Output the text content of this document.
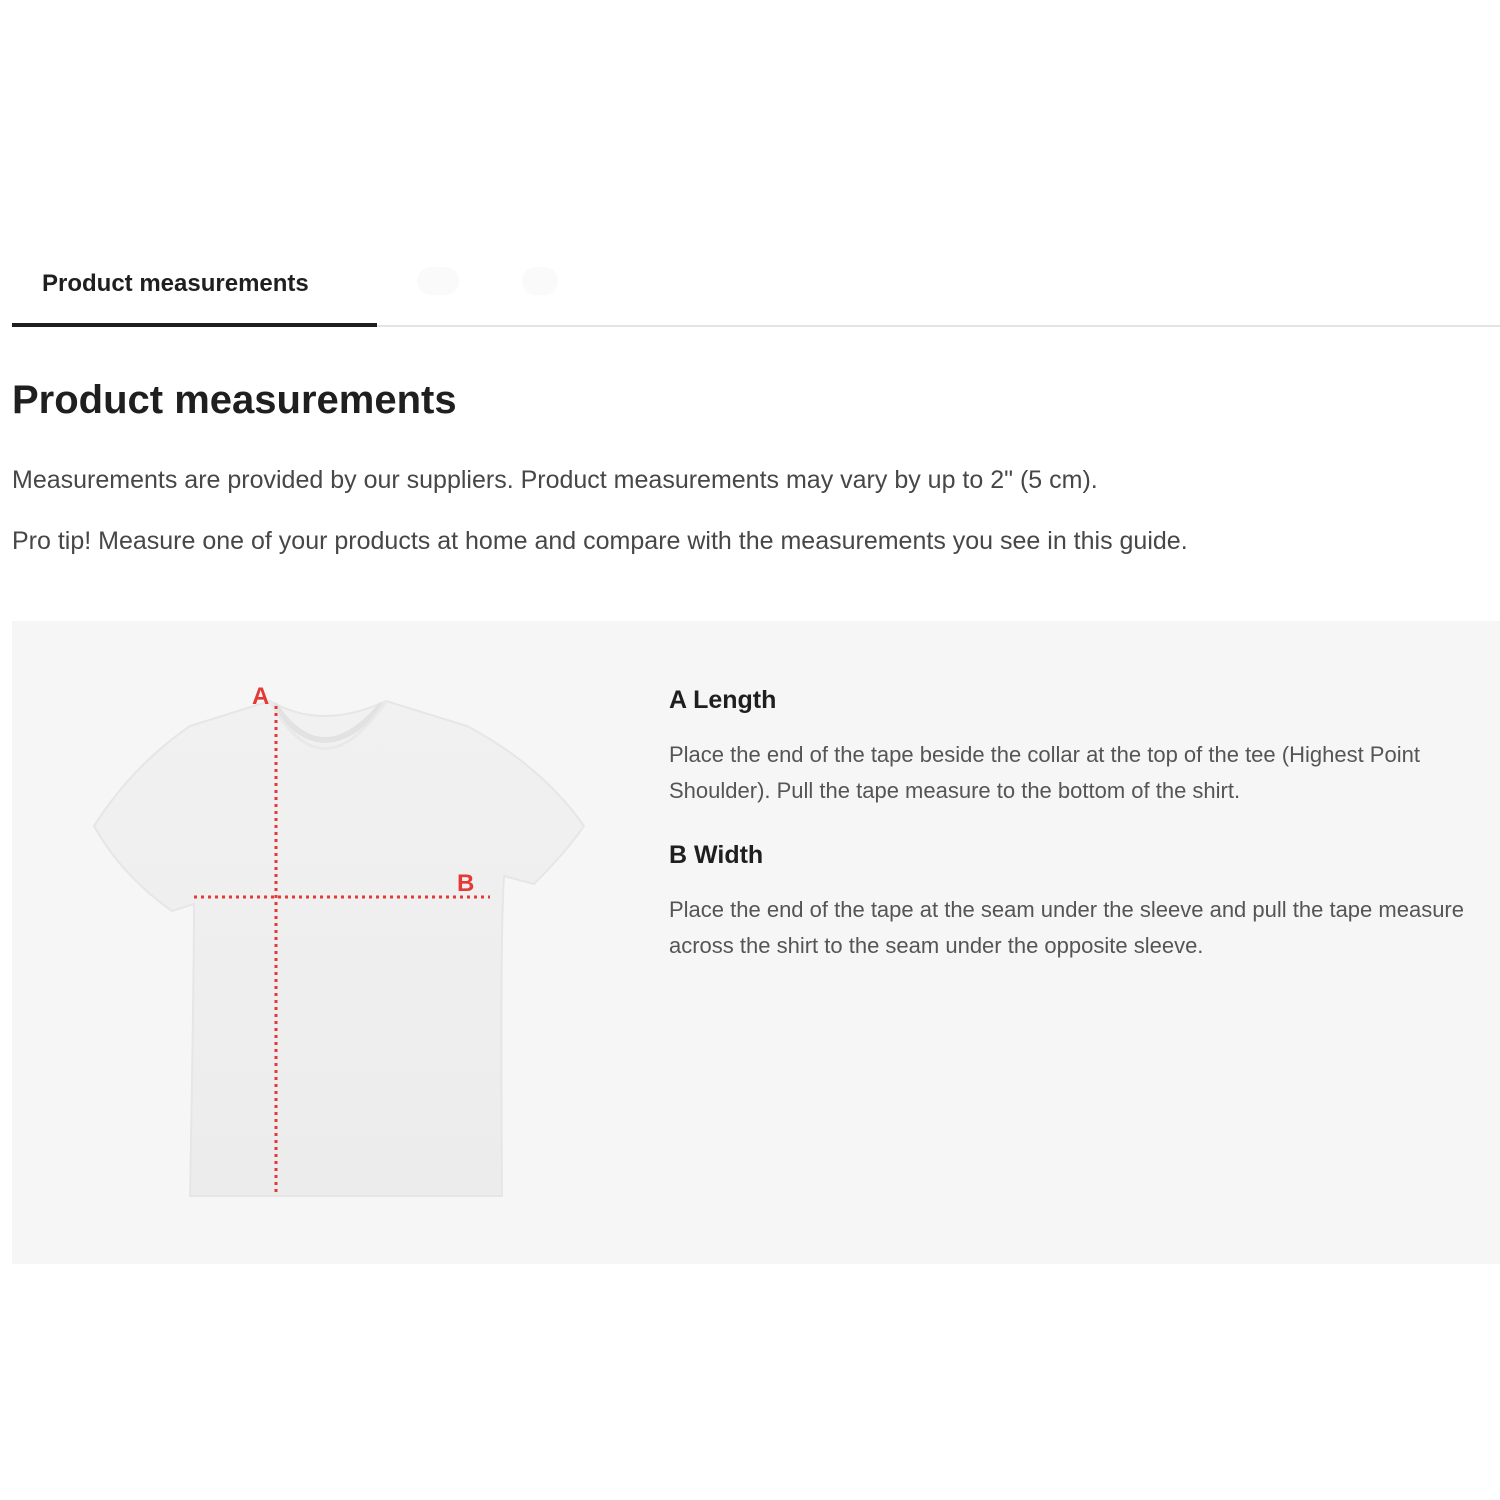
Product measurements
Product measurements

Measurements are provided by our suppliers. Product measurements may vary by up to 2" (5 cm).

Pro tip! Measure one of your products at home and compare with the measurements you see in this guide.

A
B
A Length

Place the end of the tape beside the collar at the top of the tee (Highest Point Shoulder). Pull the tape measure to the bottom of the shirt.

B Width

Place the end of the tape at the seam under the sleeve and pull the tape measure across the shirt to the seam under the opposite sleeve.
